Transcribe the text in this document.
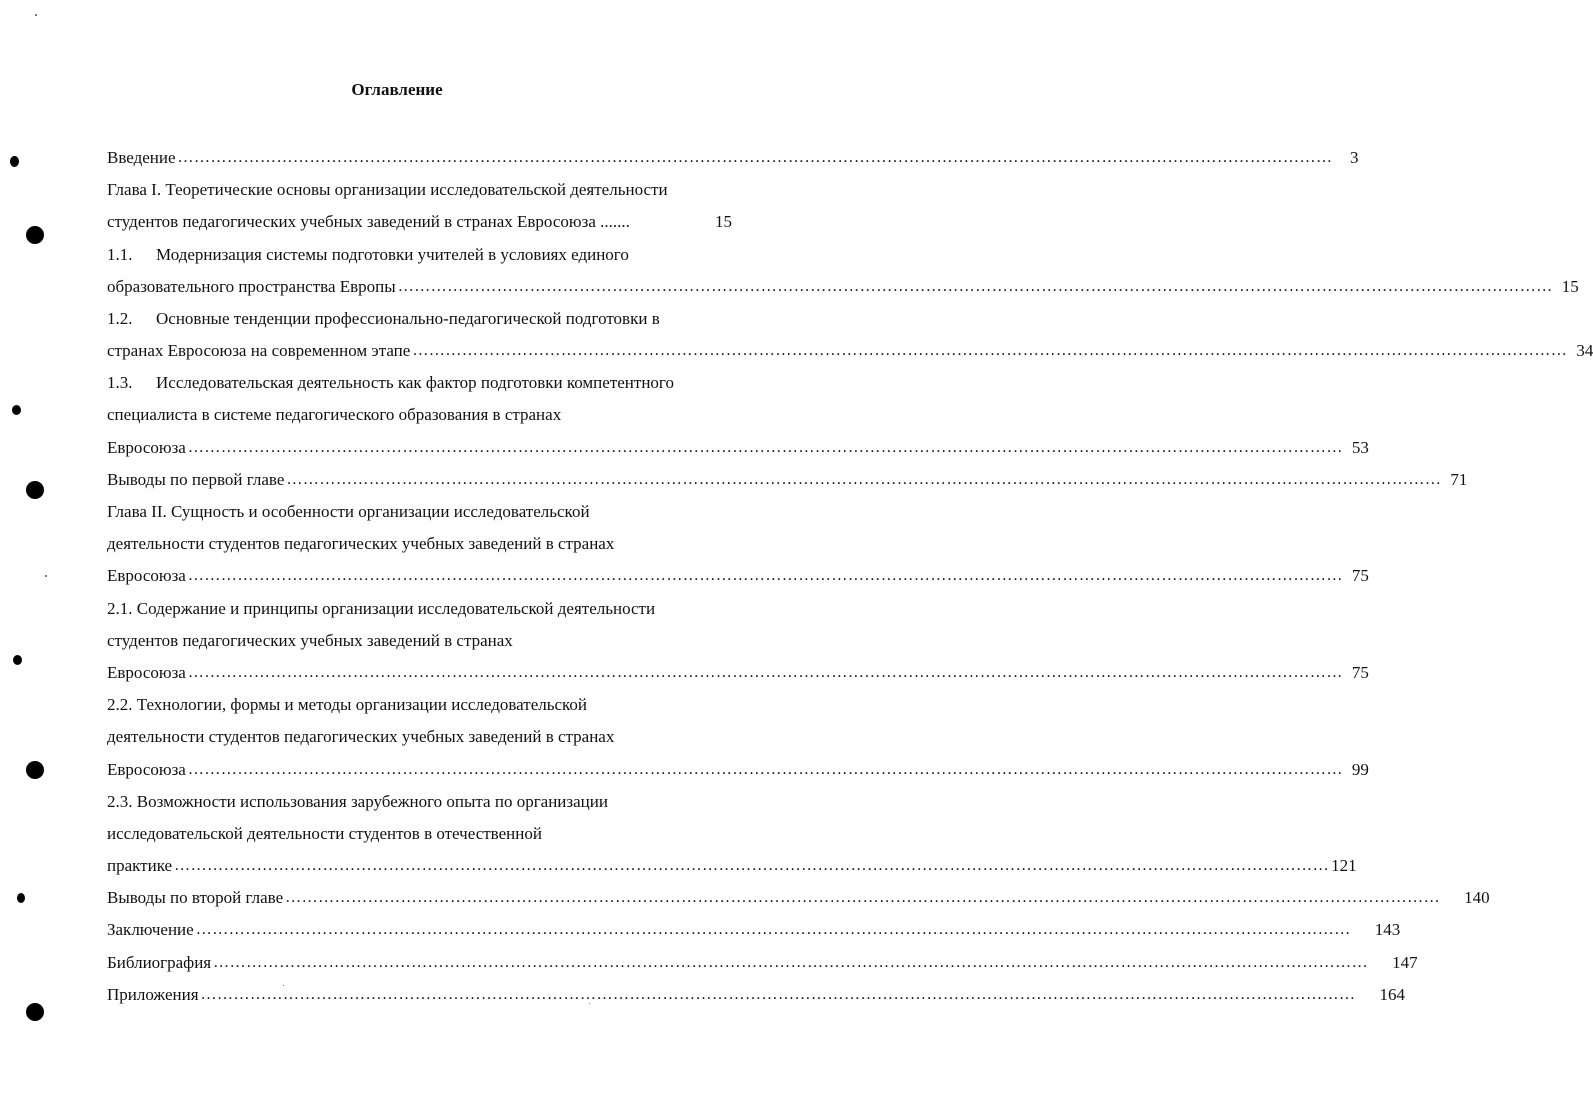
Оглавление
Введение …………………………………………………………………………………………………………………………………………………………………………………………	3
Глава I. Теоретические основы организации исследовательской деятельности
студентов педагогических учебных заведений в странах Евросоюза .......	15
1.1. Модернизация системы подготовки учителей в условиях единого
образовательного пространства Европы ………………………………………………………………………………………………………………………………………………………………………………………… 15
1.2. Основные тенденции профессионально-педагогической подготовки в
странах Евросоюза на современном этапе ………………………………………………………………………………………………………………………………………………………………………………………… 34
1.3. Исследовательская деятельность как фактор подготовки компетентного
специалиста в системе педагогического образования в странах
Евросоюза ………………………………………………………………………………………………………………………………………………………………………………………… 53
Выводы по первой главе ………………………………………………………………………………………………………………………………………………………………………………………… 71
Глава II. Сущность и особенности организации исследовательской
деятельности студентов педагогических учебных заведений в странах
Евросоюза ………………………………………………………………………………………………………………………………………………………………………………………… 75
2.1. Содержание и принципы организации исследовательской деятельности
студентов педагогических учебных заведений в странах
Евросоюза ………………………………………………………………………………………………………………………………………………………………………………………… 75
2.2. Технологии, формы и методы организации исследовательской
деятельности студентов педагогических учебных заведений в странах
Евросоюза ………………………………………………………………………………………………………………………………………………………………………………………… 99
2.3. Возможности использования зарубежного опыта по организации
исследовательской деятельности студентов в отечественной
практике ………………………………………………………………………………………………………………………………………………………………………………………… 121
Выводы по второй главе ………………………………………………………………………………………………………………………………………………………………………………………… 140
Заключение ………………………………………………………………………………………………………………………………………………………………………………………… 143
Библиография ………………………………………………………………………………………………………………………………………………………………………………………… 147
Приложения ………………………………………………………………………………………………………………………………………………………………………………………… 164
